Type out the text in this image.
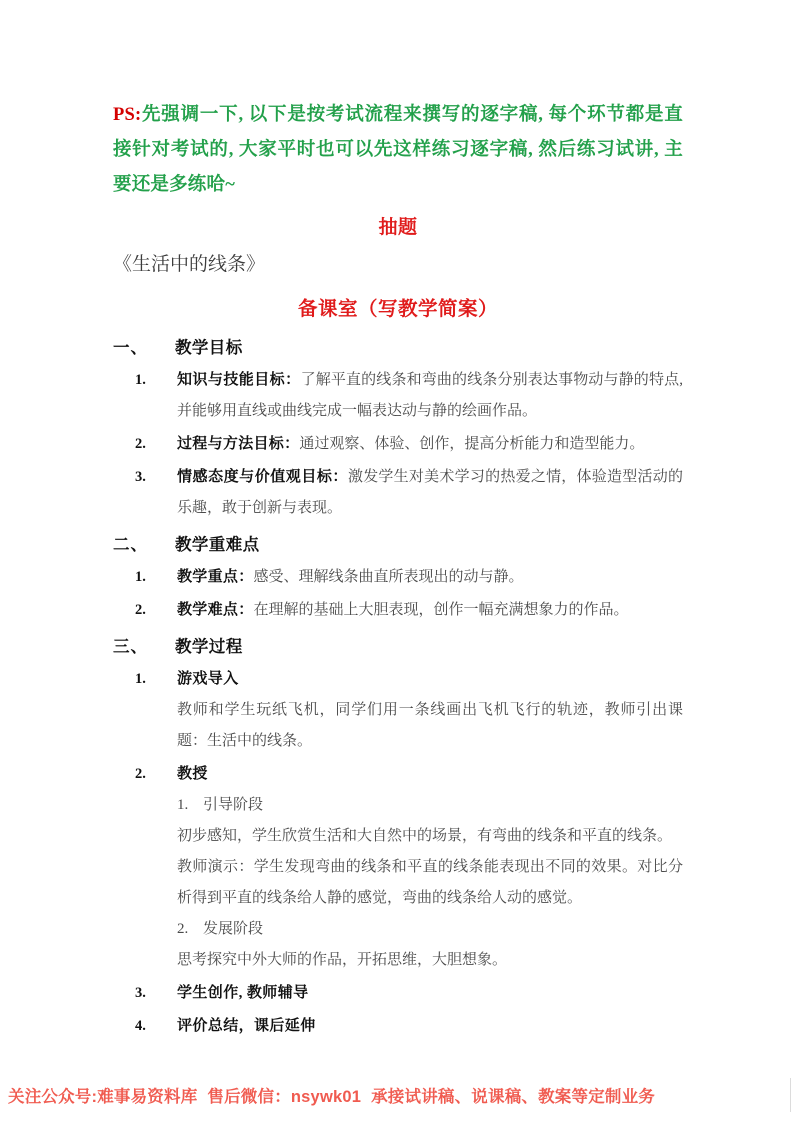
PS:先强调一下, 以下是按考试流程来撰写的逐字稿, 每个环节都是直接针对考试的, 大家平时也可以先这样练习逐字稿, 然后练习试讲, 主要还是多练哈~

抽题
《生活中的线条》
备课室（写教学简案）
一、	教学目标
1.	知识与技能目标：了解平直的线条和弯曲的线条分别表达事物动与静的特点, 并能够用直线或曲线完成一幅表达动与静的绘画作品。
2.	过程与方法目标：通过观察、体验、创作，提高分析能力和造型能力。
3.	情感态度与价值观目标：激发学生对美术学习的热爱之情，体验造型活动的乐趣，敢于创新与表现。
二、	教学重难点
1.	教学重点：感受、理解线条曲直所表现出的动与静。
2.	教学难点：在理解的基础上大胆表现，创作一幅充满想象力的作品。
三、	教学过程
1.	游戏导入
教师和学生玩纸飞机，同学们用一条线画出飞机飞行的轨迹，教师引出课题：生活中的线条。
2.	教授
1. 引导阶段
初步感知，学生欣赏生活和大自然中的场景，有弯曲的线条和平直的线条。
教师演示：学生发现弯曲的线条和平直的线条能表现出不同的效果。对比分析得到平直的线条给人静的感觉，弯曲的线条给人动的感觉。
2. 发展阶段
思考探究中外大师的作品，开拓思维，大胆想象。
3.	学生创作, 教师辅导
4.	评价总结，课后延伸
关注公众号:难事易资料库 售后微信：nsywk01 承接试讲稿、说课稿、教案等定制业务
